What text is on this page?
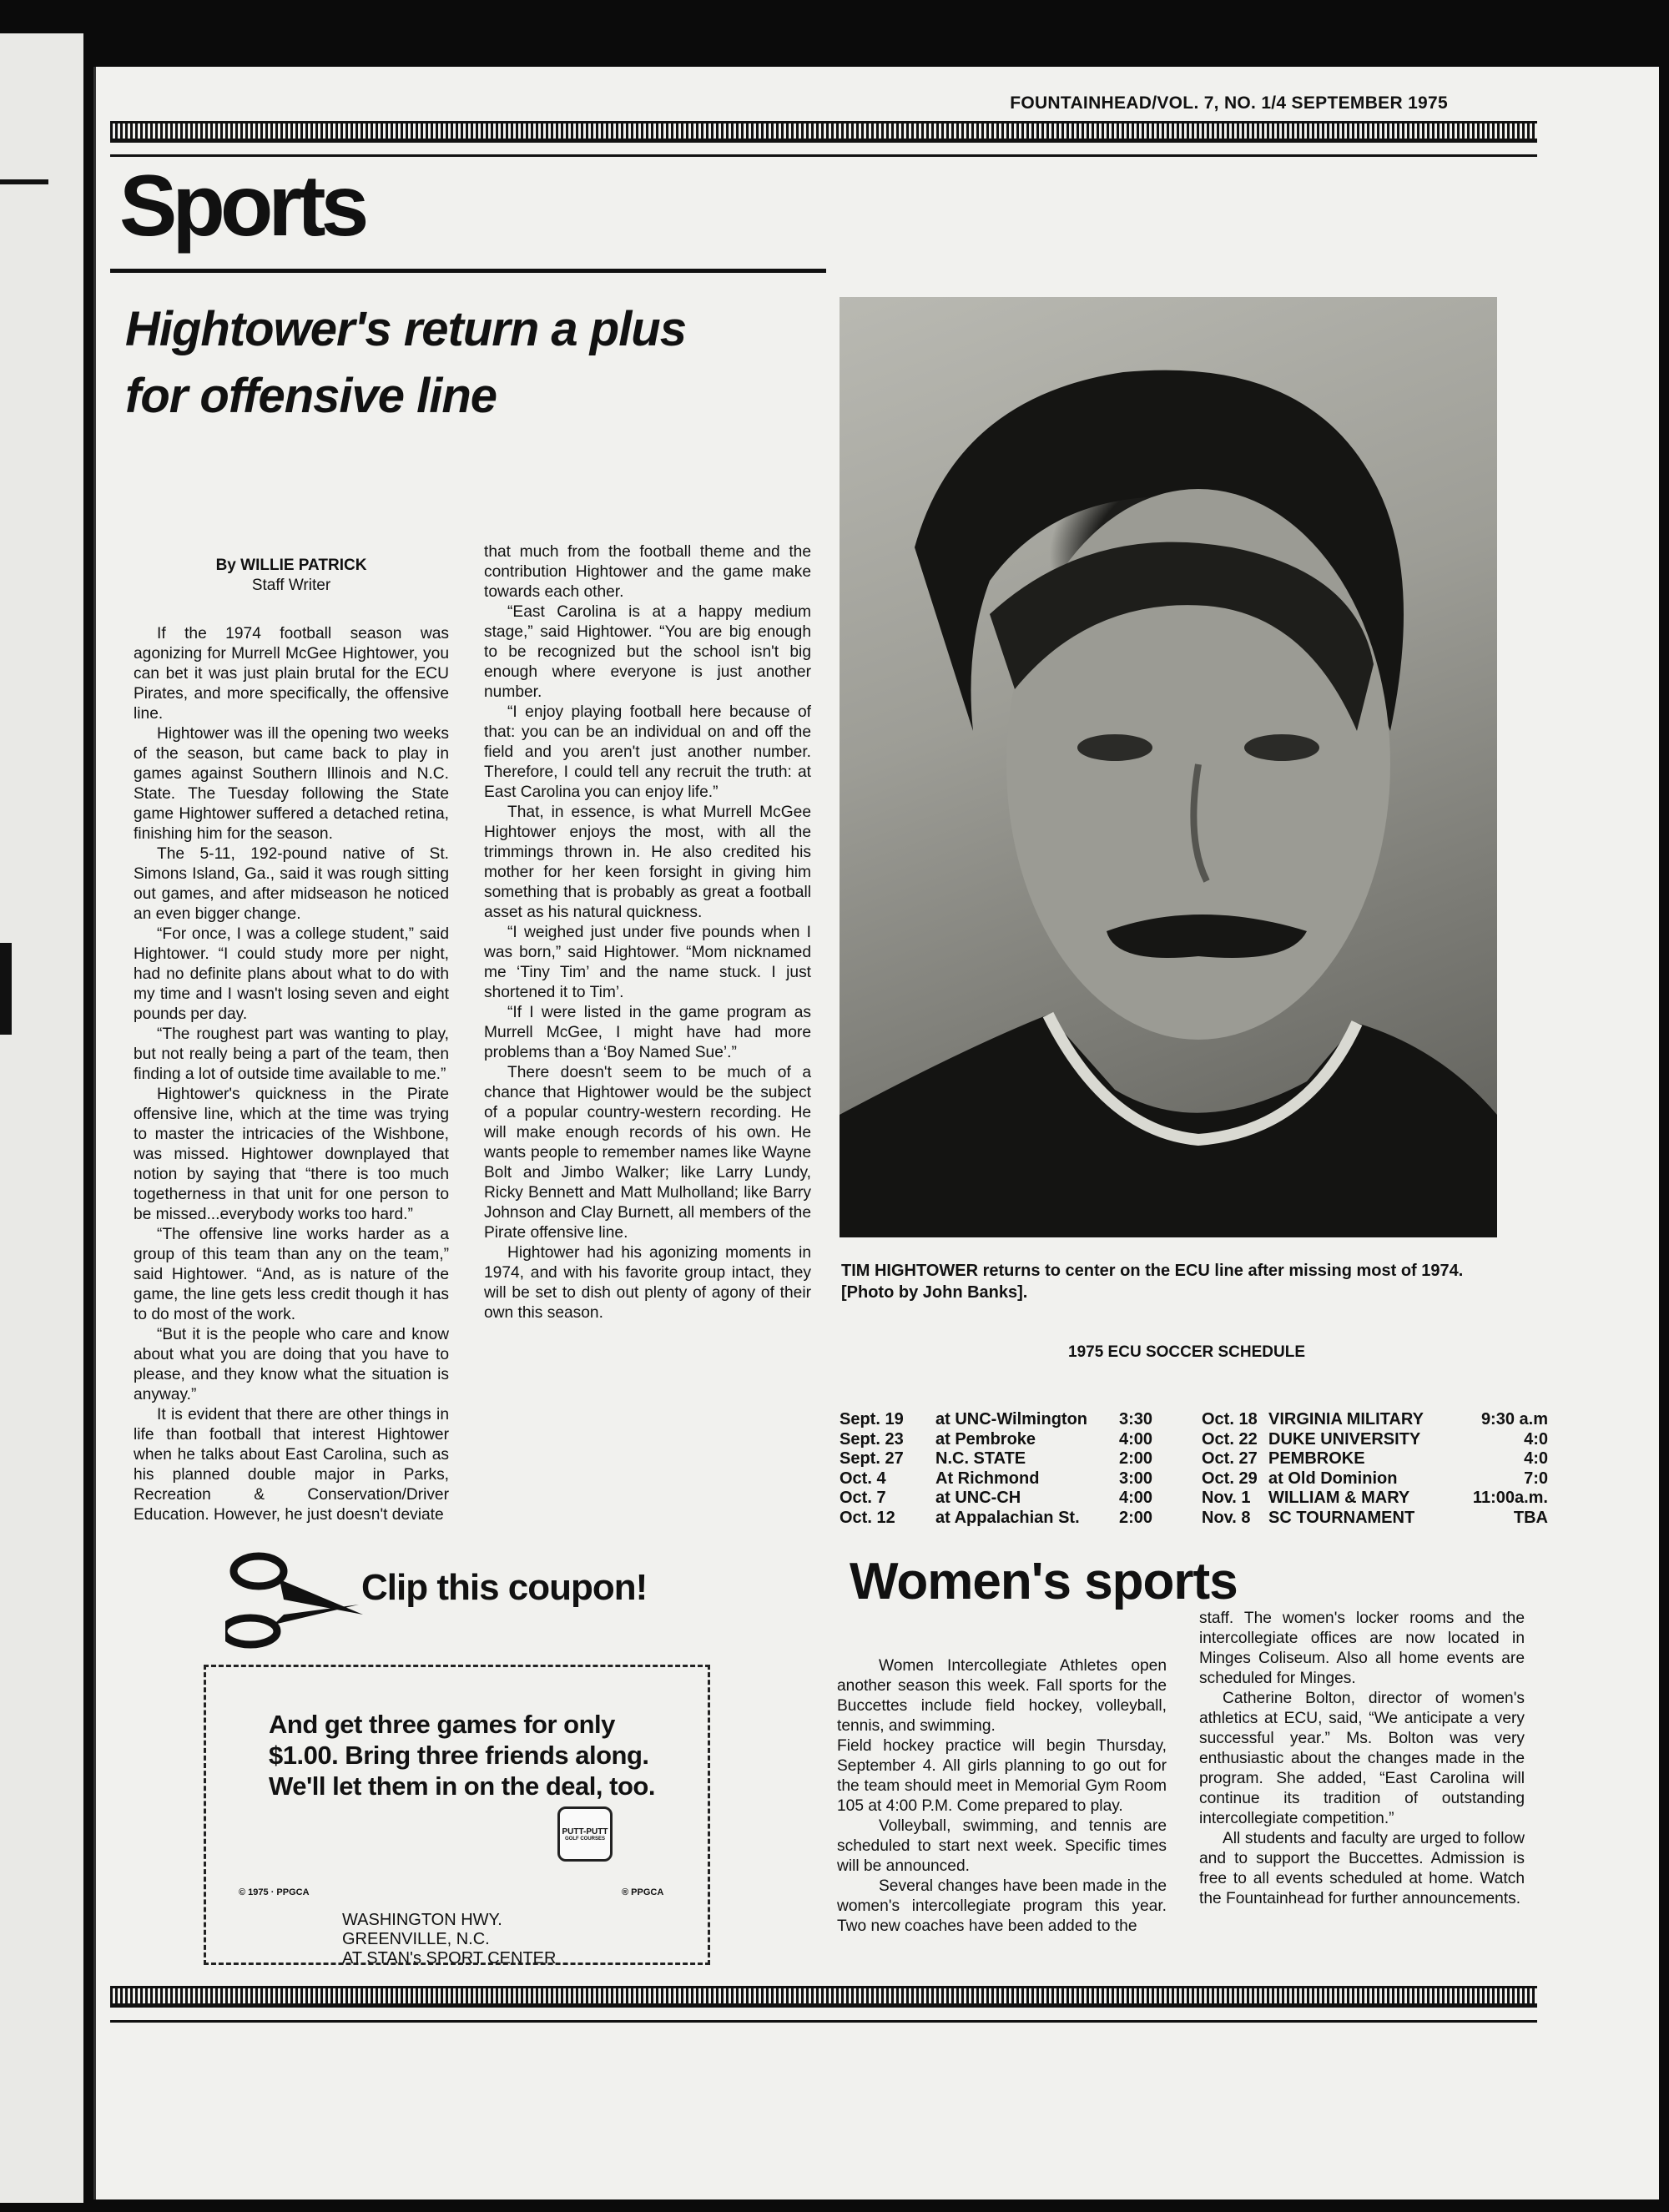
FOUNTAINHEAD/VOL. 7, NO. 1/4 SEPTEMBER 1975
Sports
Hightower's return a plus
for offensive line
By WILLIE PATRICK
Staff Writer

If the 1974 football season was agonizing for Murrell McGee Hightower, you can bet it was just plain brutal for the ECU Pirates, and more specifically, the offensive line.

Hightower was ill the opening two weeks of the season, but came back to play in games against Southern Illinois and N.C. State. The Tuesday following the State game Hightower suffered a detached retina, finishing him for the season.

The 5-11, 192-pound native of St. Simons Island, Ga., said it was rough sitting out games, and after midseason he noticed an even bigger change.

“For once, I was a college student,” said Hightower. “I could study more per night, had no definite plans about what to do with my time and I wasn't losing seven and eight pounds per day.

“The roughest part was wanting to play, but not really being a part of the team, then finding a lot of outside time available to me.”

Hightower's quickness in the Pirate offensive line, which at the time was trying to master the intricacies of the Wishbone, was missed. Hightower downplayed that notion by saying that “there is too much togetherness in that unit for one person to be missed...everybody works too hard.”

“The offensive line works harder as a group of this team than any on the team,” said Hightower. “And, as is nature of the game, the line gets less credit though it has to do most of the work.

“But it is the people who care and know about what you are doing that you have to please, and they know what the situation is anyway.”

It is evident that there are other things in life than football that interest Hightower when he talks about East Carolina, such as his planned double major in Parks, Recreation & Conservation/Driver Education. However, he just doesn't deviate

that much from the football theme and the contribution Hightower and the game make towards each other.

“East Carolina is at a happy medium stage,” said Hightower. “You are big enough to be recognized but the school isn't big enough where everyone is just another number.

“I enjoy playing football here because of that: you can be an individual on and off the field and you aren't just another number. Therefore, I could tell any recruit the truth: at East Carolina you can enjoy life.”

That, in essence, is what Murrell McGee Hightower enjoys the most, with all the trimmings thrown in. He also credited his mother for her keen forsight in giving him something that is probably as great a football asset as his natural quickness.

“I weighed just under five pounds when I was born,” said Hightower. “Mom nicknamed me ‘Tiny Tim’ and the name stuck. I just shortened it to Tim’.

“If I were listed in the game program as Murrell McGee, I might have had more problems than a ‘Boy Named Sue’.”

There doesn't seem to be much of a chance that Hightower would be the subject of a popular country-western recording. He will make enough records of his own. He wants people to remember names like Wayne Bolt and Jimbo Walker; like Larry Lundy, Ricky Bennett and Matt Mulholland; like Barry Johnson and Clay Burnett, all members of the Pirate offensive line.

Hightower had his agonizing moments in 1974, and with his favorite group intact, they will be set to dish out plenty of agony of their own this season.

TIM HIGHTOWER returns to center on the ECU line after missing most of 1974. [Photo by John Banks].
1975 ECU SOCCER SCHEDULE
Sept. 19	at UNC-Wilmington	3:30
Sept. 23	at Pembroke	4:00
Sept. 27	N.C. STATE	2:00
Oct. 4	At Richmond	3:00
Oct. 7	at UNC-CH	4:00
Oct. 12	at Appalachian St.	2:00
Oct. 18 VIRGINIA MILITARY	9:30 a.m
Oct. 22 DUKE UNIVERSITY	4:0
Oct. 27 PEMBROKE	4:0
Oct. 29 at Old Dominion	7:0
Nov. 1	WILLIAM & MARY	11:00a.m.
Nov. 8	SC TOURNAMENT	TBA
Women's sports

Women Intercollegiate Athletes open another season this week. Fall sports for the Buccettes include field hockey, volleyball, tennis, and swimming.

Field hockey practice will begin Thursday, September 4. All girls planning to go out for the team should meet in Memorial Gym Room 105 at 4:00 P.M. Come prepared to play.

Volleyball, swimming, and tennis are scheduled to start next week. Specific times will be announced.

Several changes have been made in the women's intercollegiate program this year. Two new coaches have been added to the

staff. The women's locker rooms and the intercollegiate offices are now located in Minges Coliseum. Also all home events are scheduled for Minges.

Catherine Bolton, director of women's athletics at ECU, said, “We anticipate a very successful year.” Ms. Bolton was very enthusiastic about the changes made in the program. She added, “East Carolina will continue its tradition of outstanding intercollegiate competition.”

All students and faculty are urged to follow and to support the Buccettes. Admission is free to all events scheduled at home. Watch the Fountainhead for further announcements.

Clip this coupon!
And get three games for only $1.00. Bring three friends along. We'll let them in on the deal, too.
PUTT-PUTT
GOLF COURSES
© 1975 · PPGCA	® PPGCA
WASHINGTON HWY.
GREENVILLE, N.C.
AT STAN's SPORT CENTER
